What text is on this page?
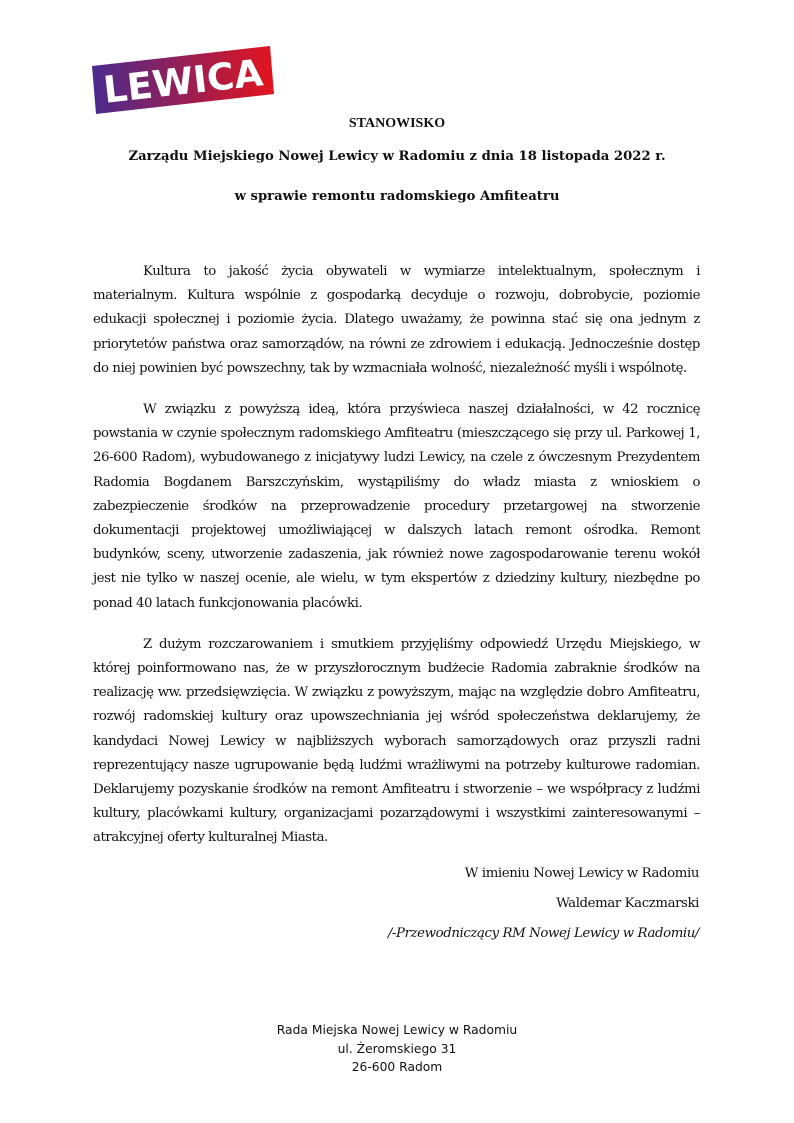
LEWICA
STANOWISKO
Zarządu Miejskiego Nowej Lewicy w Radomiu z dnia 18 listopada 2022 r.
w sprawie remontu radomskiego Amfiteatru

Kultura to jakość życia obywateli w wymiarze intelektualnym, społecznym i materialnym. Kultura wspólnie z gospodarką decyduje o rozwoju, dobrobycie, poziomie edukacji społecznej i poziomie życia. Dlatego uważamy, że powinna stać się ona jednym z priorytetów państwa oraz samorządów, na równi ze zdrowiem i edukacją. Jednocześnie dostęp do niej powinien być powszechny, tak by wzmacniała wolność, niezależność myśli i wspólnotę.

W związku z powyższą ideą, która przyświeca naszej działalności, w 42 rocznicę powstania w czynie społecznym radomskiego Amfiteatru (mieszczącego się przy ul. Parkowej 1, 26-600 Radom), wybudowanego z inicjatywy ludzi Lewicy, na czele z ówczesnym Prezydentem Radomia Bogdanem Barszczyńskim, wystąpiliśmy do władz miasta z wnioskiem o zabezpieczenie środków na przeprowadzenie procedury przetargowej na stworzenie dokumentacji projektowej umożliwiającej w dalszych latach remont ośrodka. Remont budynków, sceny, utworzenie zadaszenia, jak również nowe zagospodarowanie terenu wokół jest nie tylko w naszej ocenie, ale wielu, w tym ekspertów z dziedziny kultury, niezbędne po ponad 40 latach funkcjonowania placówki.

Z dużym rozczarowaniem i smutkiem przyjęliśmy odpowiedź Urzędu Miejskiego, w której poinformowano nas, że w przyszłorocznym budżecie Radomia zabraknie środków na realizację ww. przedsięwzięcia. W związku z powyższym, mając na względzie dobro Amfiteatru, rozwój radomskiej kultury oraz upowszechniania jej wśród społeczeństwa deklarujemy, że kandydaci Nowej Lewicy w najbliższych wyborach samorządowych oraz przyszli radni reprezentujący nasze ugrupowanie będą ludźmi wrażliwymi na potrzeby kulturowe radomian. Deklarujemy pozyskanie środków na remont Amfiteatru i stworzenie – we współpracy z ludźmi kultury, placówkami kultury, organizacjami pozarządowymi i wszystkimi zainteresowanymi – atrakcyjnej oferty kulturalnej Miasta.

W imieniu Nowej Lewicy w Radomiu
Waldemar Kaczmarski
/-Przewodniczący RM Nowej Lewicy w Radomiu/
Rada Miejska Nowej Lewicy w Radomiu
ul. Żeromskiego 31
26-600 Radom
